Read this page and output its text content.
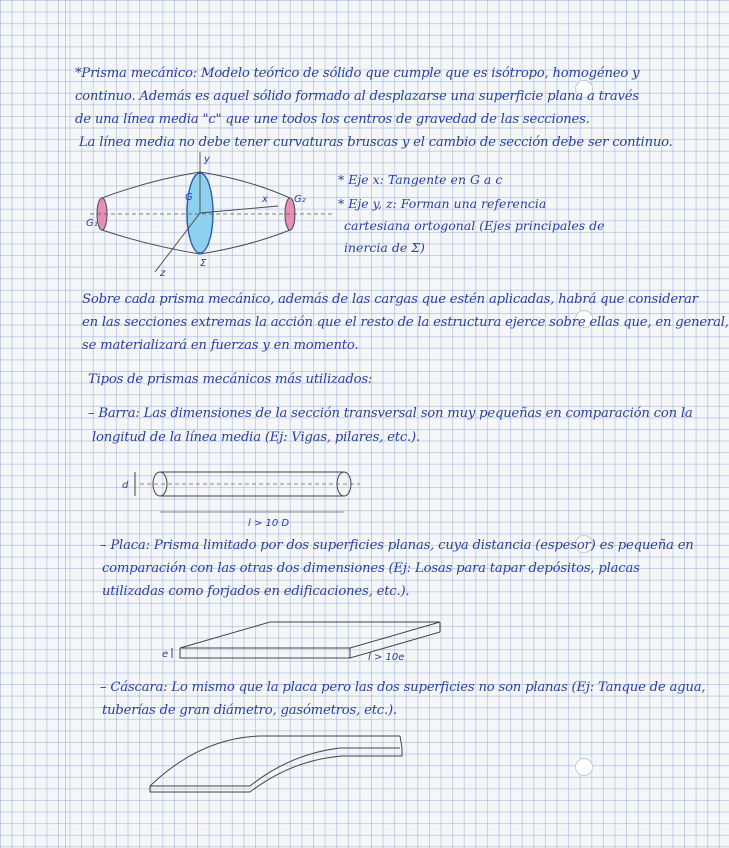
*Prisma mecánico: Modelo teórico de sólido que cumple que es isótropo, homogéneo y
continuo. Además es aquel sólido formado al desplazarse una superficie plana a través
de una línea media "c" que une todos los centros de gravedad de las secciones.
La línea media no debe tener curvaturas bruscas y el cambio de sección debe ser continuo.
y
x
z
Σ
G
G₁
G₂
* Eje x: Tangente en G a c
* Eje y, z: Forman una referencia
cartesiana ortogonal (Ejes principales de
inercia de Σ)
Sobre cada prisma mecánico, además de las cargas que estén aplicadas, habrá que considerar
en las secciones extremas la acción que el resto de la estructura ejerce sobre ellas que, en general,
se materializará en fuerzas y en momento.
Tipos de prismas mecánicos más utilizados:
– Barra: Las dimensiones de la sección transversal son muy pequeñas en comparación con la
longitud de la línea media (Ej: Vigas, pilares, etc.).
d
l > 10 D
– Placa: Prisma limitado por dos superficies planas, cuya distancia (espesor) es pequeña en
comparación con las otras dos dimensiones (Ej: Losas para tapar depósitos, placas
utilizadas como forjados en edificaciones, etc.).
e	l > 10e
– Cáscara: Lo mismo que la placa pero las dos superficies no son planas (Ej: Tanque de agua,
tuberías de gran diámetro, gasómetros, etc.).
